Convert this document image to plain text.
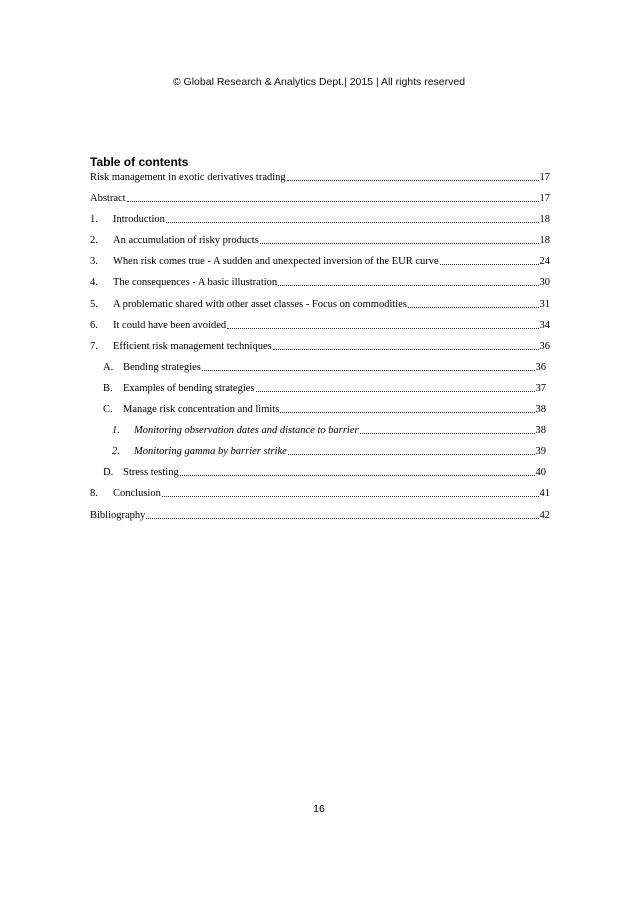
© Global Research & Analytics Dept.| 2015 | All rights reserved
Table of contents
Risk management in exotic derivatives trading	17
Abstract	17
1.	Introduction	18
2.	An accumulation of risky products	18
3.	When risk comes true - A sudden and unexpected inversion of the EUR curve	24
4.	The consequences - A basic illustration	30
5.	A problematic shared with other asset classes - Focus on commodities	31
6.	It could have been avoided	34
7.	Efficient risk management techniques	36
A. Bending strategies	36
B. Examples of bending strategies	37
C. Manage risk concentration and limits	38
1.	Monitoring observation dates and distance to barrier	38
2.	Monitoring gamma by barrier strike	39
D. Stress testing	40
8.	Conclusion	41
Bibliography	42
16
